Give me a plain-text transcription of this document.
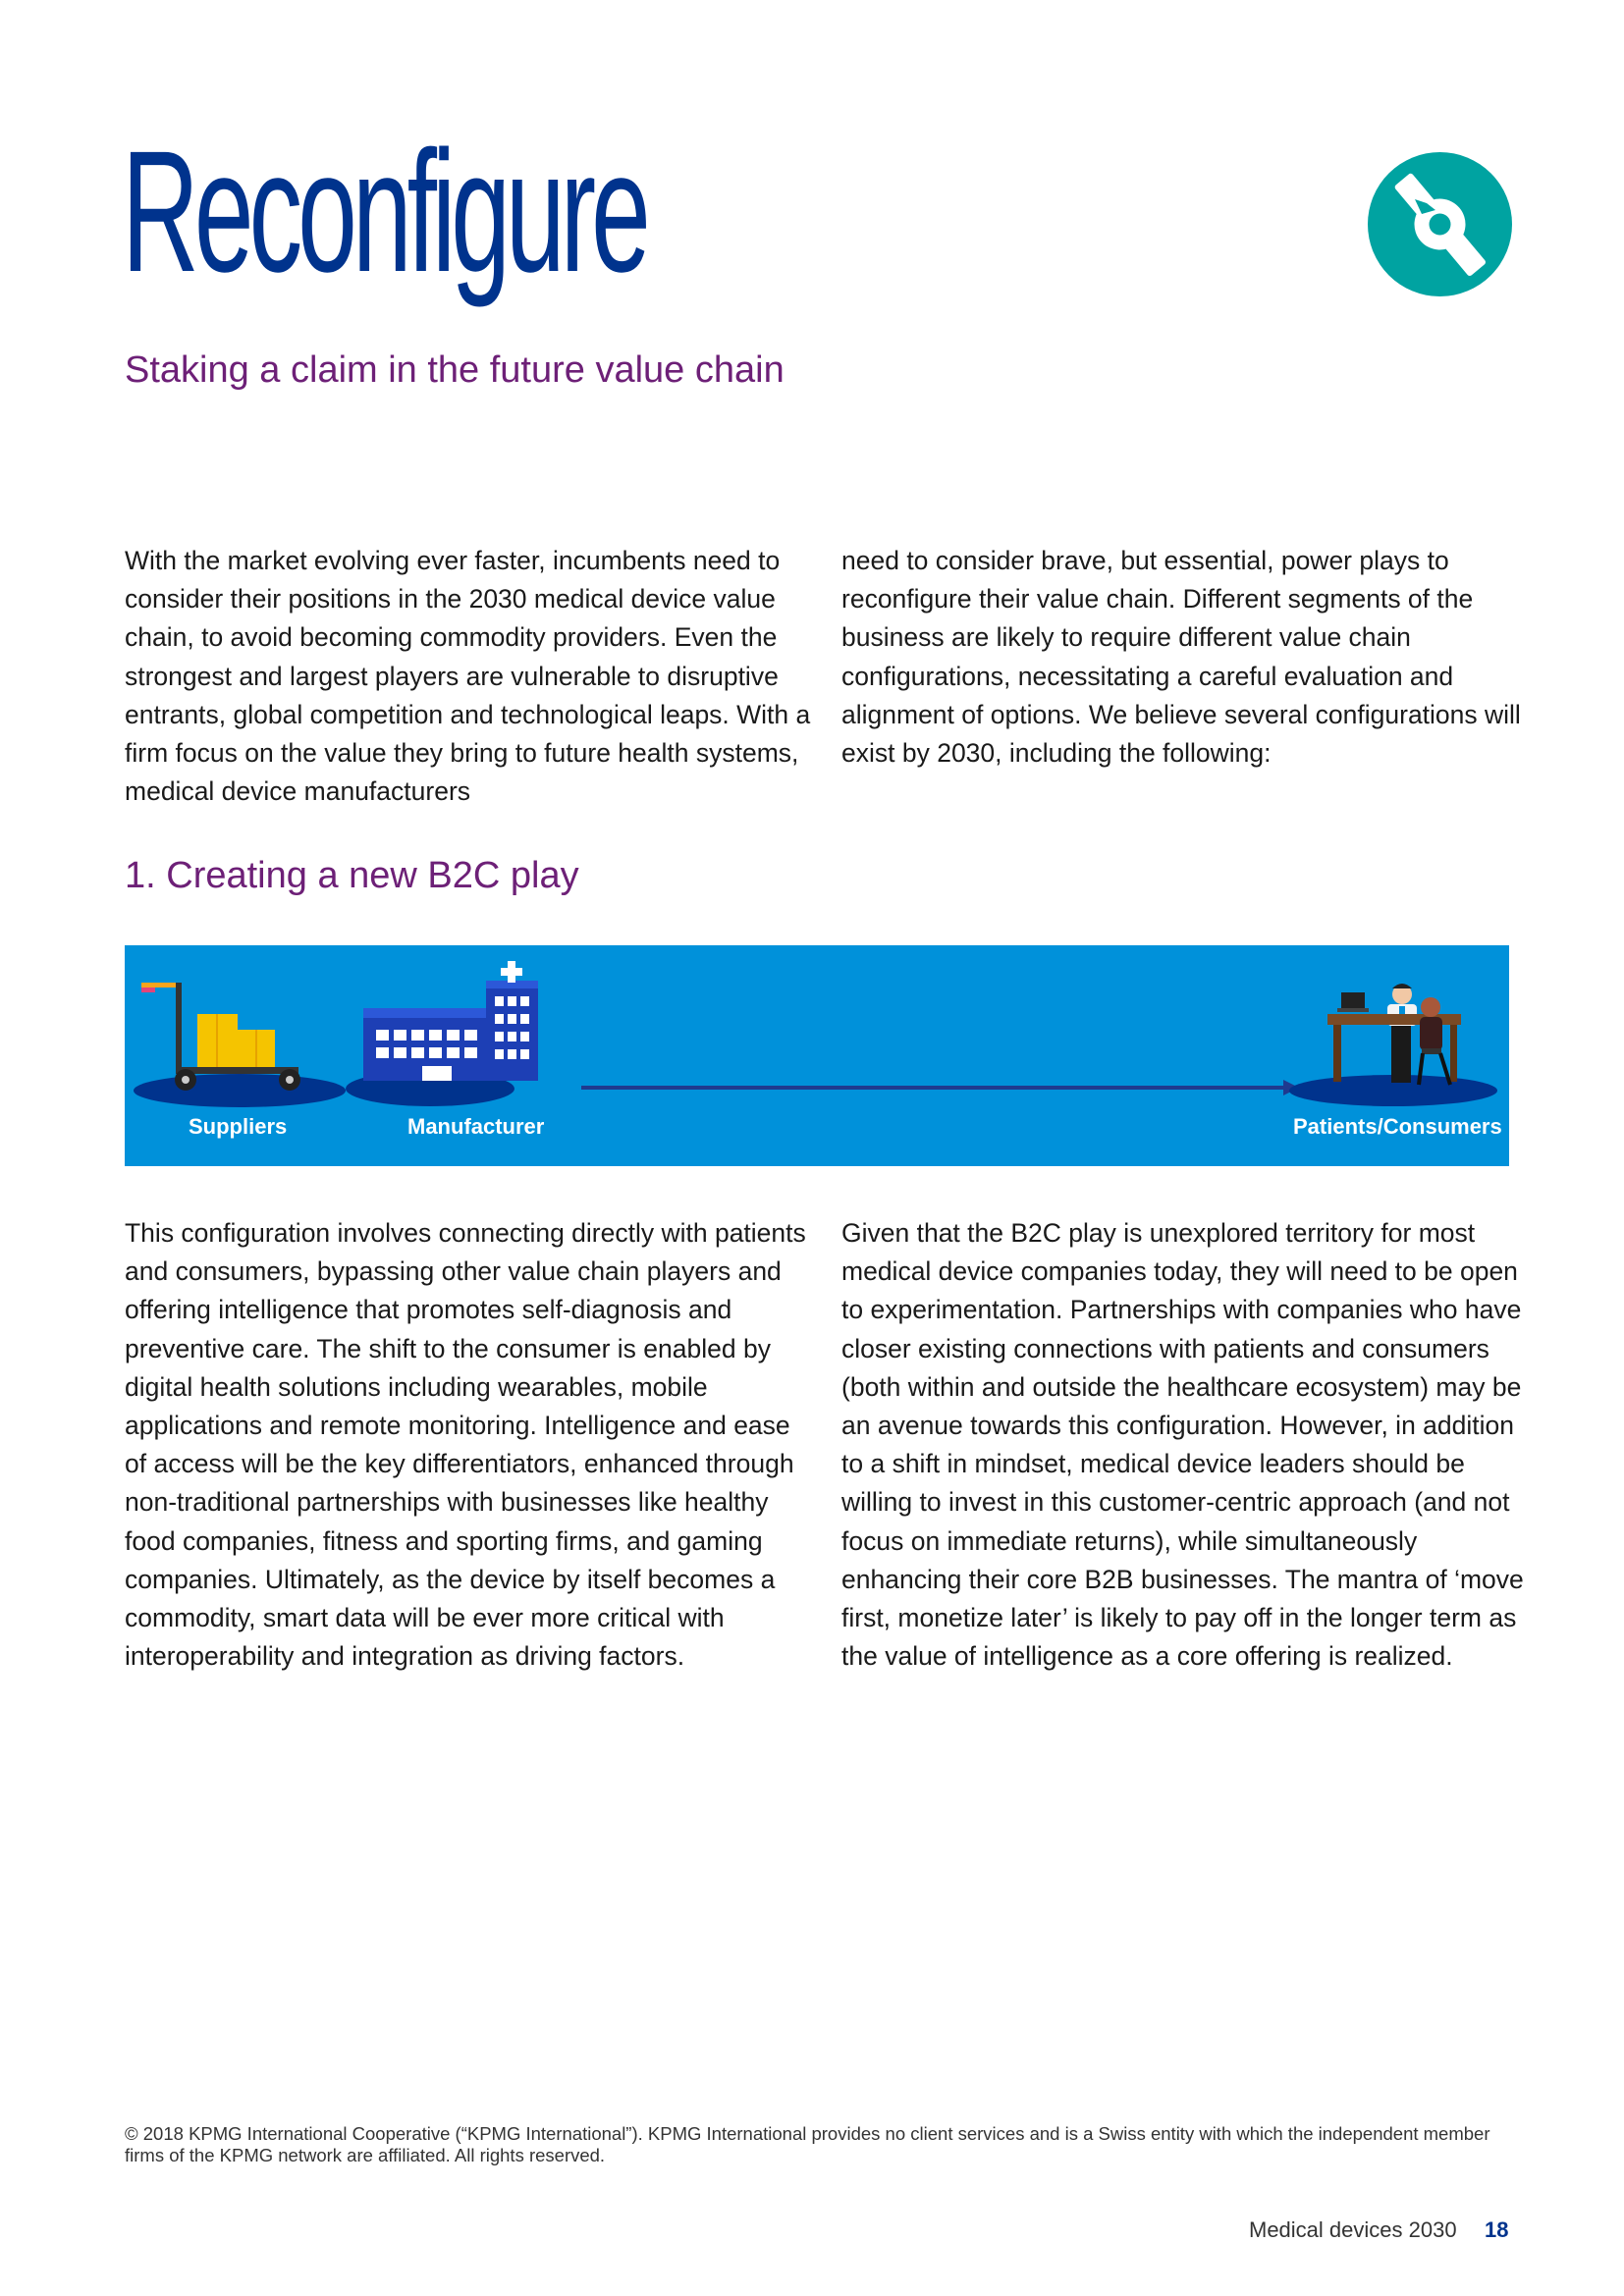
Reconfigure
Staking a claim in the future value chain

With the market evolving ever faster, incumbents need to consider their positions in the 2030 medical device value chain, to avoid becoming commodity providers. Even the strongest and largest players are vulnerable to disruptive entrants, global competition and technological leaps. With a firm focus on the value they bring to future health systems, medical device manufacturers

need to consider brave, but essential, power plays to reconfigure their value chain. Different segments of the business are likely to require different value chain configurations, necessitating a careful evaluation and alignment of options. We believe several configurations will exist by 2030, including the following:

1. Creating a new B2C play
Suppliers	Manufacturer	Patients/Consumers

This configuration involves connecting directly with patients and consumers, bypassing other value chain players and offering intelligence that promotes self-diagnosis and preventive care. The shift to the consumer is enabled by digital health solutions including wearables, mobile applications and remote monitoring. Intelligence and ease of access will be the key differentiators, enhanced through non-traditional partnerships with businesses like healthy food companies, fitness and sporting firms, and gaming companies. Ultimately, as the device by itself becomes a commodity, smart data will be ever more critical with interoperability and integration as driving factors.

Given that the B2C play is unexplored territory for most medical device companies today, they will need to be open to experimentation. Partnerships with companies who have closer existing connections with patients and consumers (both within and outside the healthcare ecosystem) may be an avenue towards this configuration. However, in addition to a shift in mindset, medical device leaders should be willing to invest in this customer-centric approach (and not focus on immediate returns), while simultaneously enhancing their core B2B businesses. The mantra of ‘move first, monetize later’ is likely to pay off in the longer term as the value of intelligence as a core offering is realized.

© 2018 KPMG International Cooperative (“KPMG International”). KPMG International provides no client services and is a Swiss entity with which the independent member firms of the KPMG network are affiliated. All rights reserved.

Medical devices 2030 18
